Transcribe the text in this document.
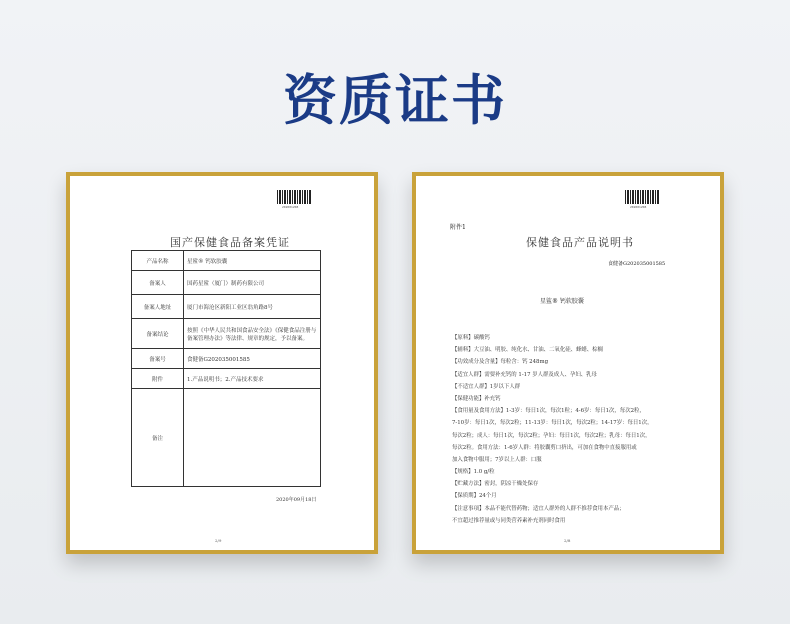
资质证书
202001208
国产保健食品备案凭证
产品名称	星鲨® 钙软胶囊
备案人	国药星鲨（厦门）制药有限公司
备案人地址	厦门市海沧区新阳工业区翁角路8号
备案结论	按照《中华人民共和国食品安全法》《保健食品注册与备案管理办法》等法律、规章的规定，予以备案。
备案号	食健备G202035001585
附件	1.产品说明书；2.产品技术要求
备注	
2020年09月18日
2/9
202001208
附件1
保健食品产品说明书
食健备G202035001585
星鲨® 钙软胶囊
【原料】碳酸钙
【辅料】大豆油、明胶、纯化水、甘油、二氧化硅、蜂蜡、棕榈
【功效成分及含量】每粒含：钙 248mg
【适宜人群】需要补充钙的 1-17 岁人群及成人、孕妇、乳母
【不适宜人群】1岁以下人群
【保健功能】补充钙
【食用量及食用方法】1-3岁：每日1次，每次1粒；4-6岁：每日1次，每次2粒，
7-10岁：每日1次，每次2粒；11-13岁：每日1次，每次2粒；14-17岁：每日1次，
每次2粒；成人：每日1次，每次2粒；孕妇：每日1次，每次2粒；乳母：每日1次，
每次2粒。食用方法：1-6岁人群：将胶囊剪口挤出，可加在食物中直接服用或
加入食物中服用；7岁以上人群：口服
【规格】1.0 g/粒
【贮藏方法】密封，阴凉干燥处保存
【保质期】24个月
【注意事项】本品不能代替药物；适宜人群外的人群不推荐食用本产品；
不宜超过推荐量或与同类营养素补充剂同时食用
2/8
